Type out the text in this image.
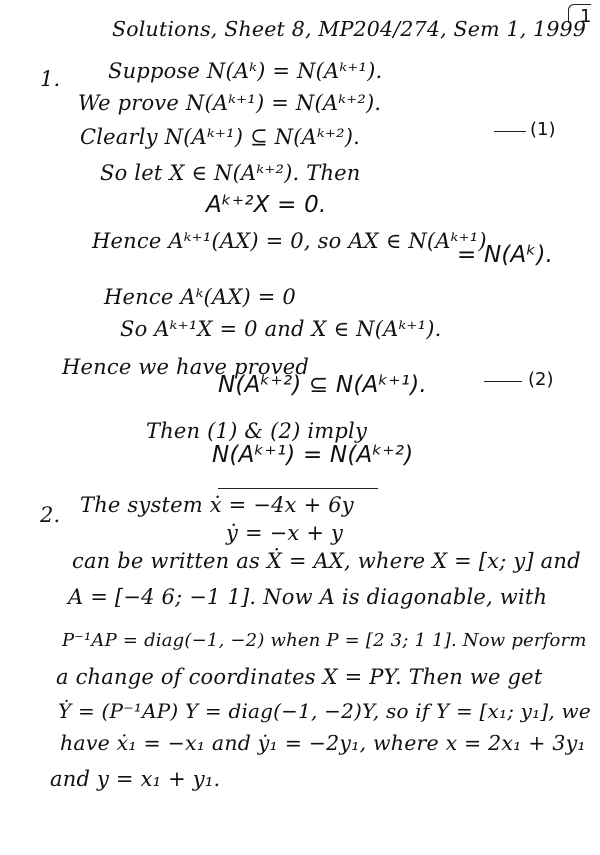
Solutions, Sheet 8, MP204/274, Sem 1, 1999
1
1. Suppose N(Aᵏ) = N(Aᵏ⁺¹).
We prove N(Aᵏ⁺¹) = N(Aᵏ⁺²).
Clearly N(Aᵏ⁺¹) ⊆ N(Aᵏ⁺²).	(1)
So let X ∈ N(Aᵏ⁺²). Then
Aᵏ⁺²X = 0.
Hence Aᵏ⁺¹(AX) = 0, so AX ∈ N(Aᵏ⁺¹)
= N(Aᵏ).
Hence Aᵏ(AX) = 0
So Aᵏ⁺¹X = 0 and X ∈ N(Aᵏ⁺¹).
Hence we have proved
N(Aᵏ⁺²) ⊆ N(Aᵏ⁺¹).	(2)
Then (1) & (2) imply
N(Aᵏ⁺¹) = N(Aᵏ⁺²)
2. The system ẋ = −4x + 6y
ẏ = −x + y
can be written as Ẋ = AX, where X = [x; y] and
A = [−4 6; −1 1]. Now A is diagonable, with
P⁻¹AP = diag(−1, −2) when P = [2 3; 1 1]. Now perform
a change of coordinates X = PY. Then we get
Ẏ = (P⁻¹AP) Y = diag(−1, −2)Y, so if Y = [x₁; y₁], we
have ẋ₁ = −x₁ and ẏ₁ = −2y₁, where x = 2x₁ + 3y₁
and y = x₁ + y₁.
